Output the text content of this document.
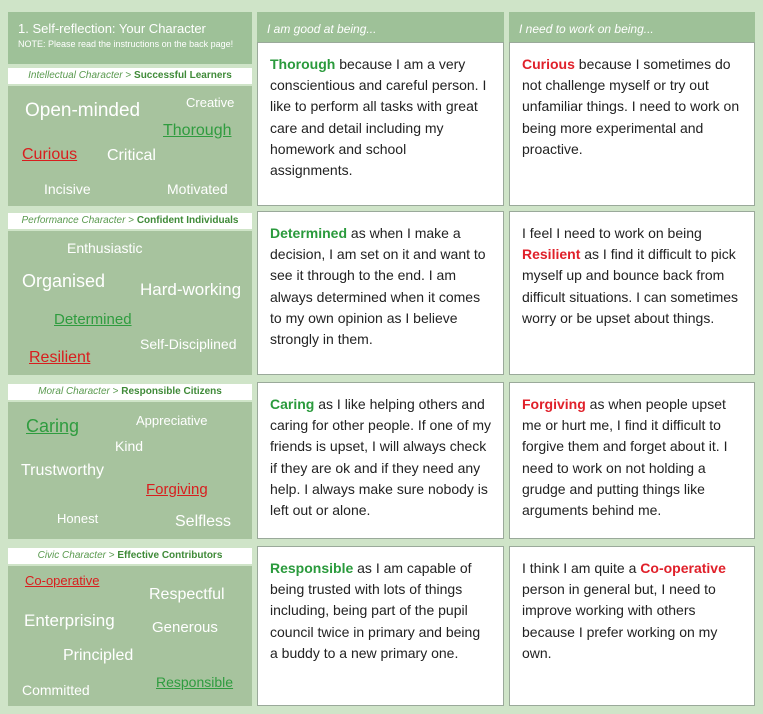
1. Self-reflection: Your Character
NOTE: Please read the instructions on the back page!
Intellectual Character > Successful Learners
Open-minded	Creative
Thorough
Curious Critical
Incisive	Motivated
Performance Character > Confident Individuals
Enthusiastic
Organised Hard-working
Determined
Resilient
Self-Disciplined
Moral Character > Responsible Citizens
Caring	Appreciative
Kind
Trustworthy
Forgiving
Honest	Selfless
Civic Character > Effective Contributors
Co-operative
Respectful
Enterprising Generous
Principled
Committed	Responsible
I am good at being...	I need to work on being...
Thorough because I am a very conscientious and careful person. I like to perform all tasks with great care and detail including my homework and school assignments.
Determined as when I make a decision, I am set on it and want to see it through to the end. I am always determined when it comes to my own opinion as I believe strongly in them.
Caring as I like helping others and caring for other people. If one of my friends is upset, I will always check if they are ok and if they need any help. I always make sure nobody is left out or alone.
Responsible as I am capable of being trusted with lots of things including, being part of the pupil council twice in primary and being a buddy to a new primary one.
Curious because I sometimes do not challenge myself or try out unfamiliar things. I need to work on being more experimental and proactive.
I feel I need to work on being Resilient as I find it difficult to pick myself up and bounce back from difficult situations. I can sometimes worry or be upset about things.
Forgiving as when people upset me or hurt me, I find it difficult to forgive them and forget about it. I need to work on not holding a grudge and putting things like arguments behind me.
I think I am quite a Co-operative person in general but, I need to improve working with others because I prefer working on my own.
